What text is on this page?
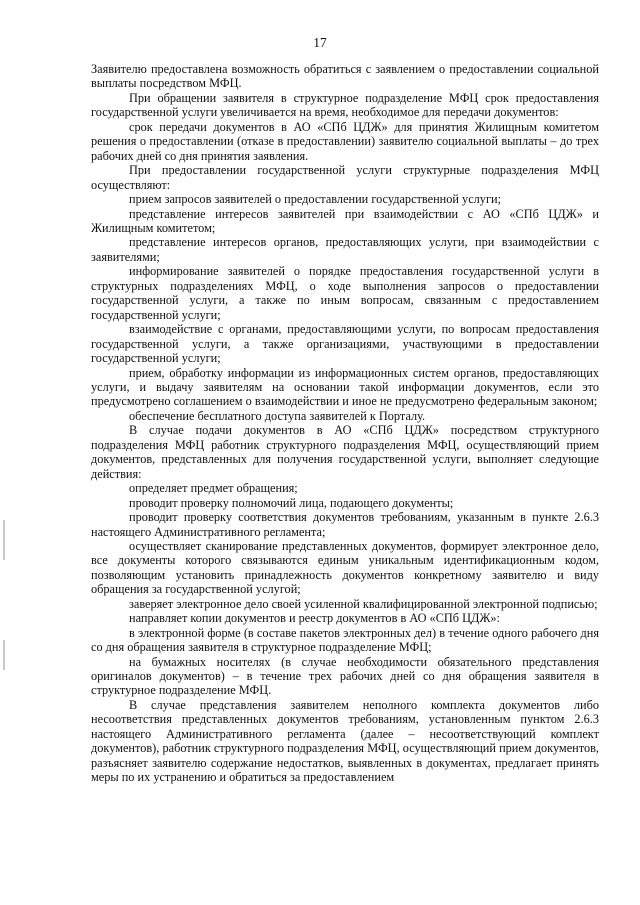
17

Заявителю предоставлена возможность обратиться с заявлением о предоставлении социальной выплаты посредством МФЦ.

При обращении заявителя в структурное подразделение МФЦ срок предоставления государственной услуги увеличивается на время, необходимое для передачи документов:

срок передачи документов в АО «СПб ЦДЖ» для принятия Жилищным комитетом решения о предоставлении (отказе в предоставлении) заявителю социальной выплаты – до трех рабочих дней со дня принятия заявления.

При предоставлении государственной услуги структурные подразделения МФЦ осуществляют:

прием запросов заявителей о предоставлении государственной услуги;

представление интересов заявителей при взаимодействии с АО «СПб ЦДЖ» и Жилищным комитетом;

представление интересов органов, предоставляющих услуги, при взаимодействии с заявителями;

информирование заявителей о порядке предоставления государственной услуги в структурных подразделениях МФЦ, о ходе выполнения запросов о предоставлении государственной услуги, а также по иным вопросам, связанным с предоставлением государственной услуги;

взаимодействие с органами, предоставляющими услуги, по вопросам предоставления государственной услуги, а также организациями, участвующими в предоставлении государственной услуги;

прием, обработку информации из информационных систем органов, предоставляющих услуги, и выдачу заявителям на основании такой информации документов, если это предусмотрено соглашением о взаимодействии и иное не предусмотрено федеральным законом;

обеспечение бесплатного доступа заявителей к Порталу.

В случае подачи документов в АО «СПб ЦДЖ» посредством структурного подразделения МФЦ работник структурного подразделения МФЦ, осуществляющий прием документов, представленных для получения государственной услуги, выполняет следующие действия:

определяет предмет обращения;

проводит проверку полномочий лица, подающего документы;

проводит проверку соответствия документов требованиям, указанным в пункте 2.6.3 настоящего Административного регламента;

осуществляет сканирование представленных документов, формирует электронное дело, все документы которого связываются единым уникальным идентификационным кодом, позволяющим установить принадлежность документов конкретному заявителю и виду обращения за государственной услугой;

заверяет электронное дело своей усиленной квалифицированной электронной подписью;

направляет копии документов и реестр документов в АО «СПб ЦДЖ»:

в электронной форме (в составе пакетов электронных дел) в течение одного рабочего дня со дня обращения заявителя в структурное подразделение МФЦ;

на бумажных носителях (в случае необходимости обязательного представления оригиналов документов) – в течение трех рабочих дней со дня обращения заявителя в структурное подразделение МФЦ.

В случае представления заявителем неполного комплекта документов либо несоответствия представленных документов требованиям, установленным пунктом 2.6.3 настоящего Административного регламента (далее – несоответствующий комплект документов), работник структурного подразделения МФЦ, осуществляющий прием документов, разъясняет заявителю содержание недостатков, выявленных в документах, предлагает принять меры по их устранению и обратиться за предоставлением
